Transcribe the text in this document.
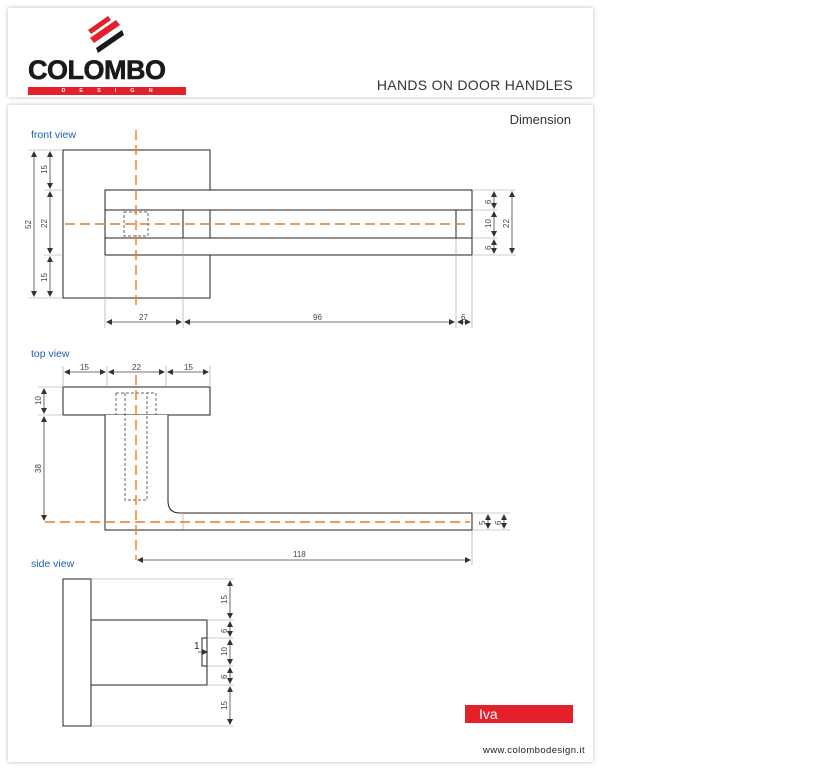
COLOMBO
DESIGN	HANDS ON DOOR HANDLES
Dimension
front view
52
15
22
15
6
10
6
22
27	96	6
top view
15	22	15
10
38
5 6
118
side view
15
6
10
6
15
1
Iva
www.colombodesign.it
